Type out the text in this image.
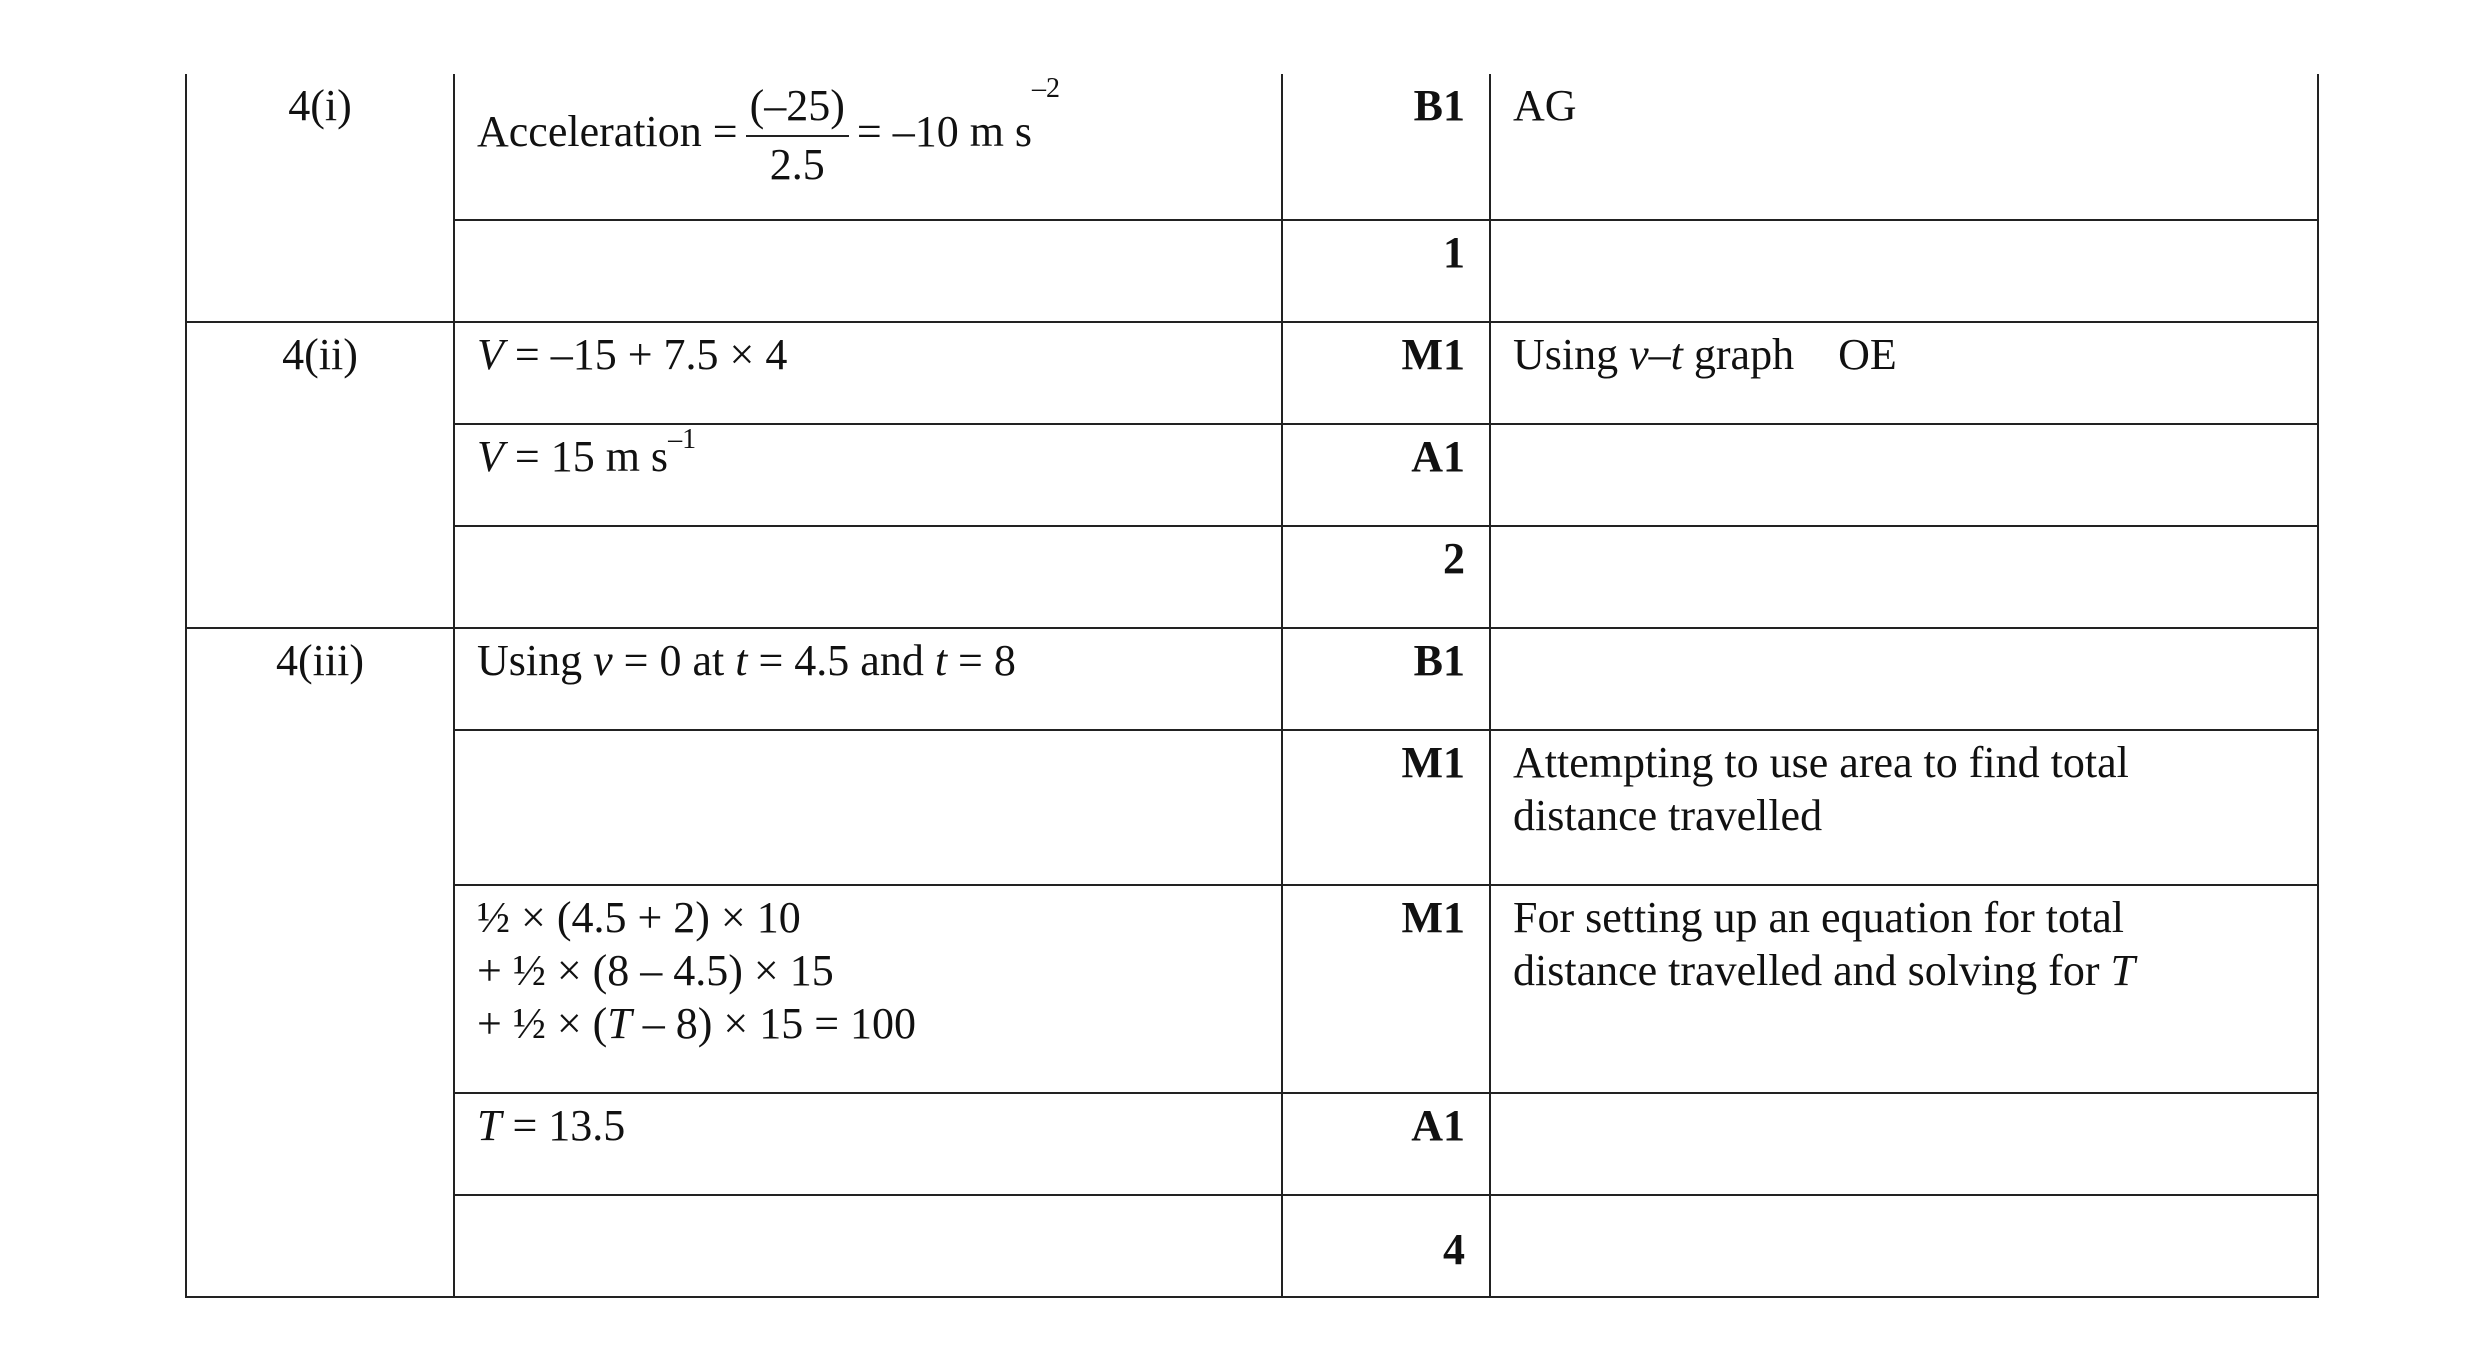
4(i)	Acceleration = $\frac{(-25)}{2.5} = -10$ m $s^{-2}$	B1	AG
		1	
4(ii)	V = –15 + 7.5 × 4	M1	Using v–t graph OE
	V = 15 m $s^{-1}$	A1	
		2	
4(iii)	Using v = 0 at t = 4.5 and t = 8	B1	
		M1	Attempting to use area to find total distance travelled

	½ × (4.5 + 2) × 10
+ ½ × (8 – 4.5) × 15
+ ½ × (T – 8) × 15 = 100	M1	For setting up an equation for total distance travelled and solving for T
	T = 13.5	A1	
		4	
